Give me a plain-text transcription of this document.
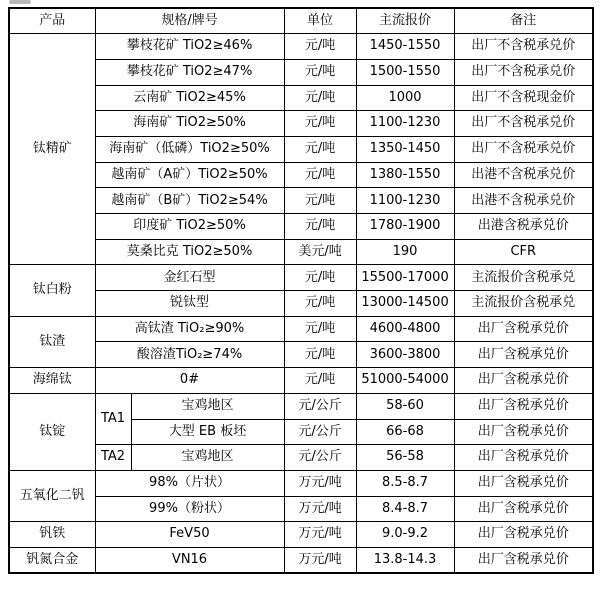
产品	规格/牌号		单位	主流报价	备注
钛精矿	攀枝花矿 TiO2≥46%		元/吨	1450-1550	出厂不含税承兑价
	攀枝花矿 TiO2≥47%		元/吨	1500-1550	出厂不含税承兑价
	云南矿 TiO2≥45%		元/吨	1000	出厂不含税现金价
	海南矿 TiO2≥50%		元/吨	1100-1230	出厂不含税承兑价
	海南矿（低磷）TiO2≥50%		元/吨	1350-1450	出厂不含税承兑价
	越南矿（A矿）TiO2≥50%		元/吨	1380-1550	出港不含税承兑价
	越南矿（B矿）TiO2≥54%		元/吨	1100-1230	出港不含税承兑价
	印度矿 TiO2≥50%		元/吨	1780-1900	出港含税承兑价
	莫桑比克 TiO2≥50%		美元/吨	190	CFR
钛白粉	金红石型		元/吨	15500-17000	主流报价含税承兑
	锐钛型		元/吨	13000-14500	主流报价含税承兑
钛渣	高钛渣 TiO₂≥90%		元/吨	4600-4800	出厂含税承兑价
	酸溶渣TiO₂≥74%		元/吨	3600-3800	出厂含税承兑价
海绵钛	0#		元/吨	51000-54000	出厂含税承兑价
钛锭	TA1	宝鸡地区	元/公斤	58-60	出厂含税承兑价
		大型 EB 板坯	元/公斤	66-68	出厂含税承兑价
	TA2	宝鸡地区	元/公斤	56-58	出厂含税承兑价
五氧化二钒	98%（片状）		万元/吨	8.5-8.7	出厂含税承兑价
	99%（粉状）		万元/吨	8.4-8.7	出厂含税承兑价
钒铁	FeV50		万元/吨	9.0-9.2	出厂含税承兑价
钒氮合金	VN16		万元/吨	13.8-14.3	出厂含税承兑价
